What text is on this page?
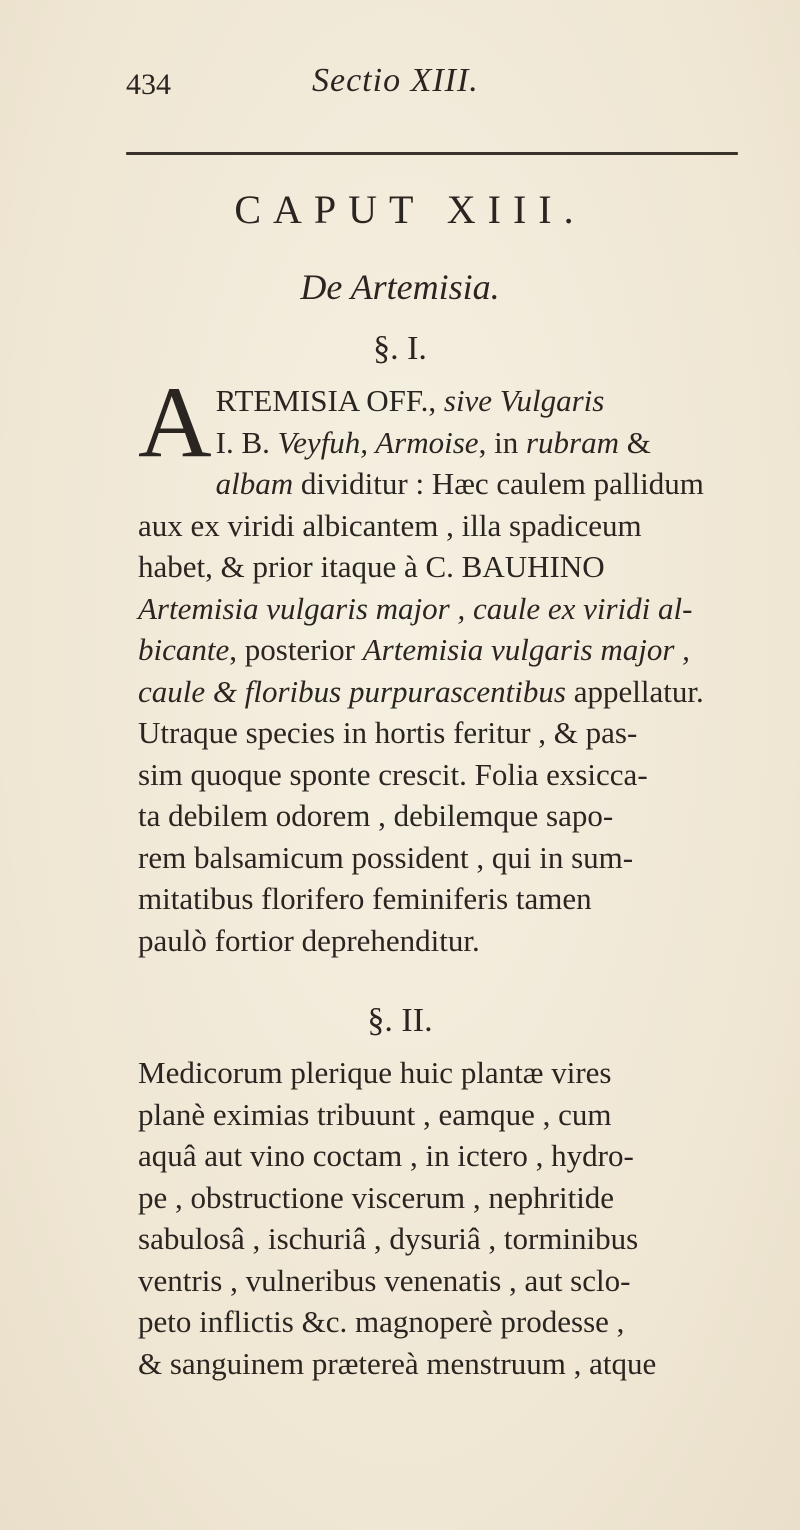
434	Sectio XIII.
CAPUT XIII.
De Artemisia.
§. I.
A RTEMISIA OFF., sive Vulgaris
I. B. Veyfuh, Armoise, in rubram &
albam dividitur : Hæc caulem pallidum
aux ex viridi albicantem , illa spadiceum
habet, & prior itaque à C. BAUHINO
Artemisia vulgaris major , caule ex viridi al-
bicante, posterior Artemisia vulgaris major ,
caule & floribus purpurascentibus appellatur.
Utraque species in hortis feritur , & pas-
sim quoque sponte crescit. Folia exsicca-
ta debilem odorem , debilemque sapo-
rem balsamicum possident , qui in sum-
mitatibus florifero feminiferis tamen
paulò fortior deprehenditur.
§. II.
Medicorum plerique huic plantæ vires
planè eximias tribuunt , eamque , cum
aquâ aut vino coctam , in ictero , hydro-
pe , obstructione viscerum , nephritide
sabulosâ , ischuriâ , dysuriâ , torminibus
ventris , vulneribus venenatis , aut sclo-
peto inflictis &c. magnoperè prodesse ,
& sanguinem prætereà menstruum , atque
